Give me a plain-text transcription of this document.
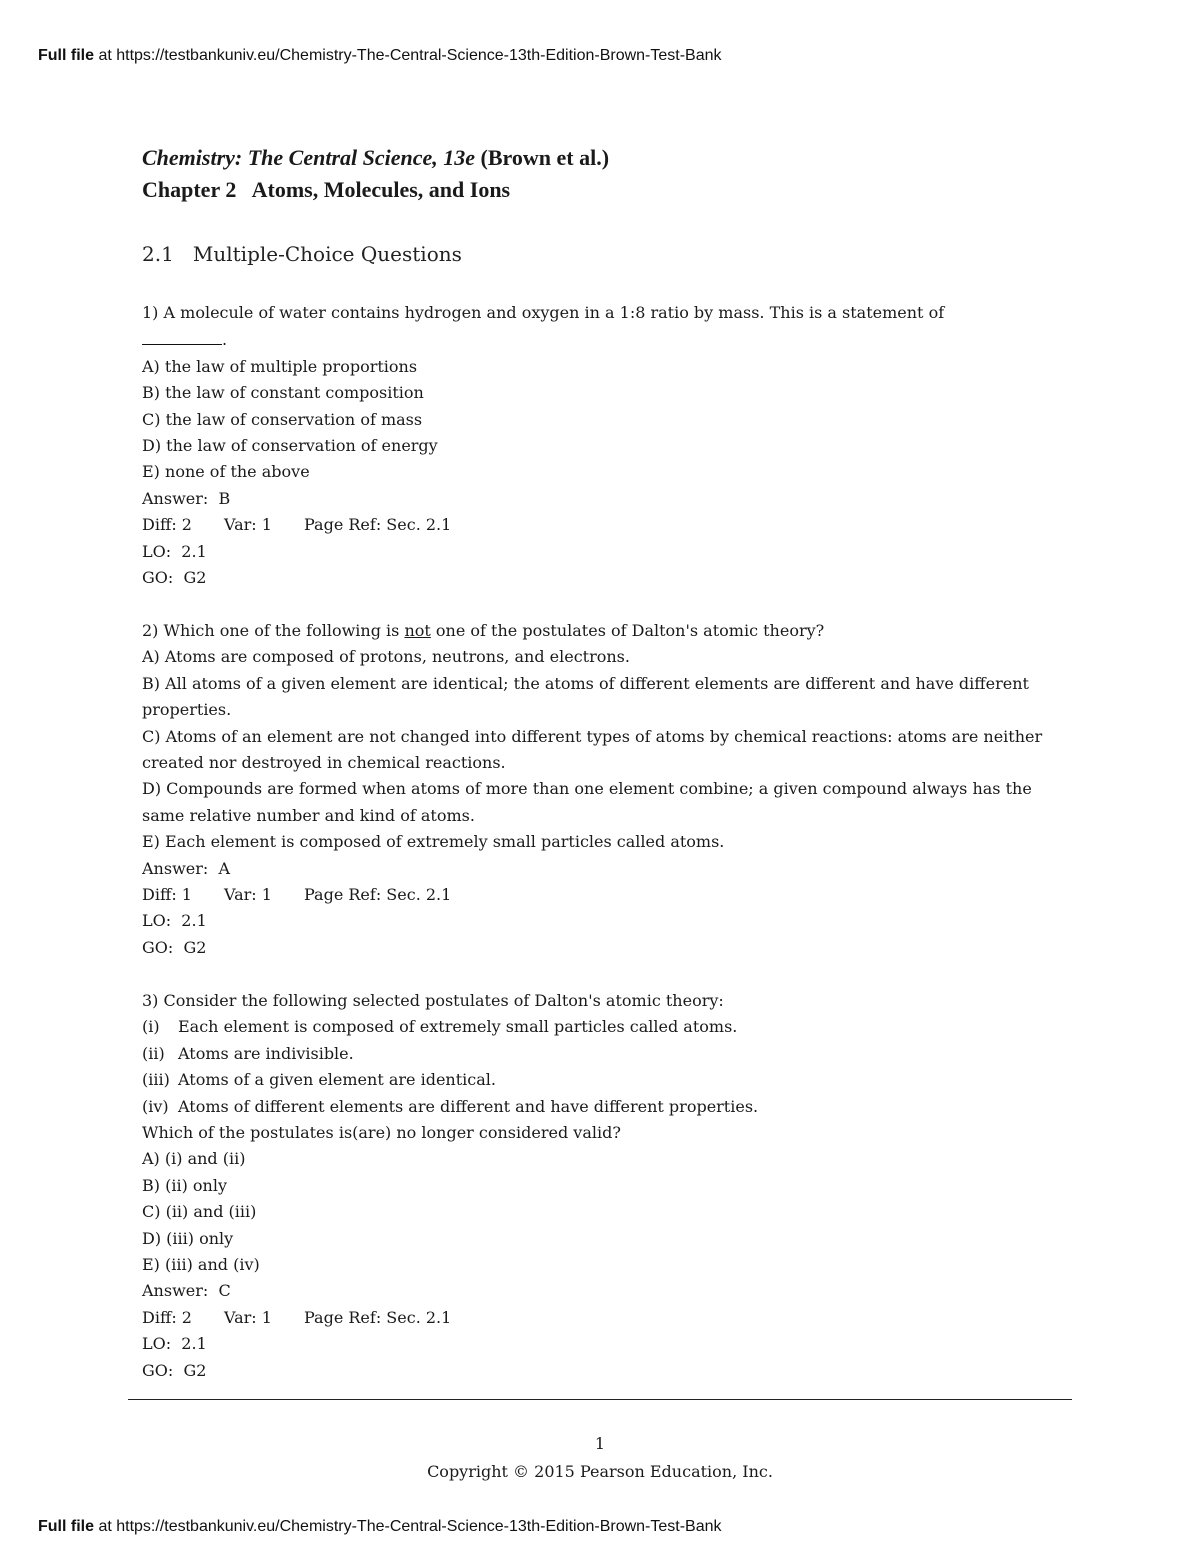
Full file at https://testbankuniv.eu/Chemistry-The-Central-Science-13th-Edition-Brown-Test-Bank
Chemistry: The Central Science, 13e (Brown et al.)
Chapter 2   Atoms, Molecules, and Ions
2.1   Multiple-Choice Questions
1) A molecule of water contains hydrogen and oxygen in a 1:8 ratio by mass. This is a statement of
.
A) the law of multiple proportions
B) the law of constant composition
C) the law of conservation of mass
D) the law of conservation of energy
E) none of the above
Answer: B
Diff: 2 Var: 1 Page Ref: Sec. 2.1
LO:  2.1
GO:  G2
2) Which one of the following is not one of the postulates of Dalton's atomic theory?
A) Atoms are composed of protons, neutrons, and electrons.
B) All atoms of a given element are identical; the atoms of different elements are different and have different properties.
C) Atoms of an element are not changed into different types of atoms by chemical reactions: atoms are neither created nor destroyed in chemical reactions.
D) Compounds are formed when atoms of more than one element combine; a given compound always has the same relative number and kind of atoms.
E) Each element is composed of extremely small particles called atoms.
Answer: A
Diff: 1 Var: 1 Page Ref: Sec. 2.1
LO:  2.1
GO:  G2
3) Consider the following selected postulates of Dalton's atomic theory:
(i) Each element is composed of extremely small particles called atoms.
(ii) Atoms are indivisible.
(iii) Atoms of a given element are identical.
(iv) Atoms of different elements are different and have different properties.
Which of the postulates is(are) no longer considered valid?
A) (i) and (ii)
B) (ii) only
C) (ii) and (iii)
D) (iii) only
E) (iii) and (iv)
Answer: C
Diff: 2 Var: 1 Page Ref: Sec. 2.1
LO:  2.1
GO:  G2
1
Copyright © 2015 Pearson Education, Inc.
Full file at https://testbankuniv.eu/Chemistry-The-Central-Science-13th-Edition-Brown-Test-Bank
